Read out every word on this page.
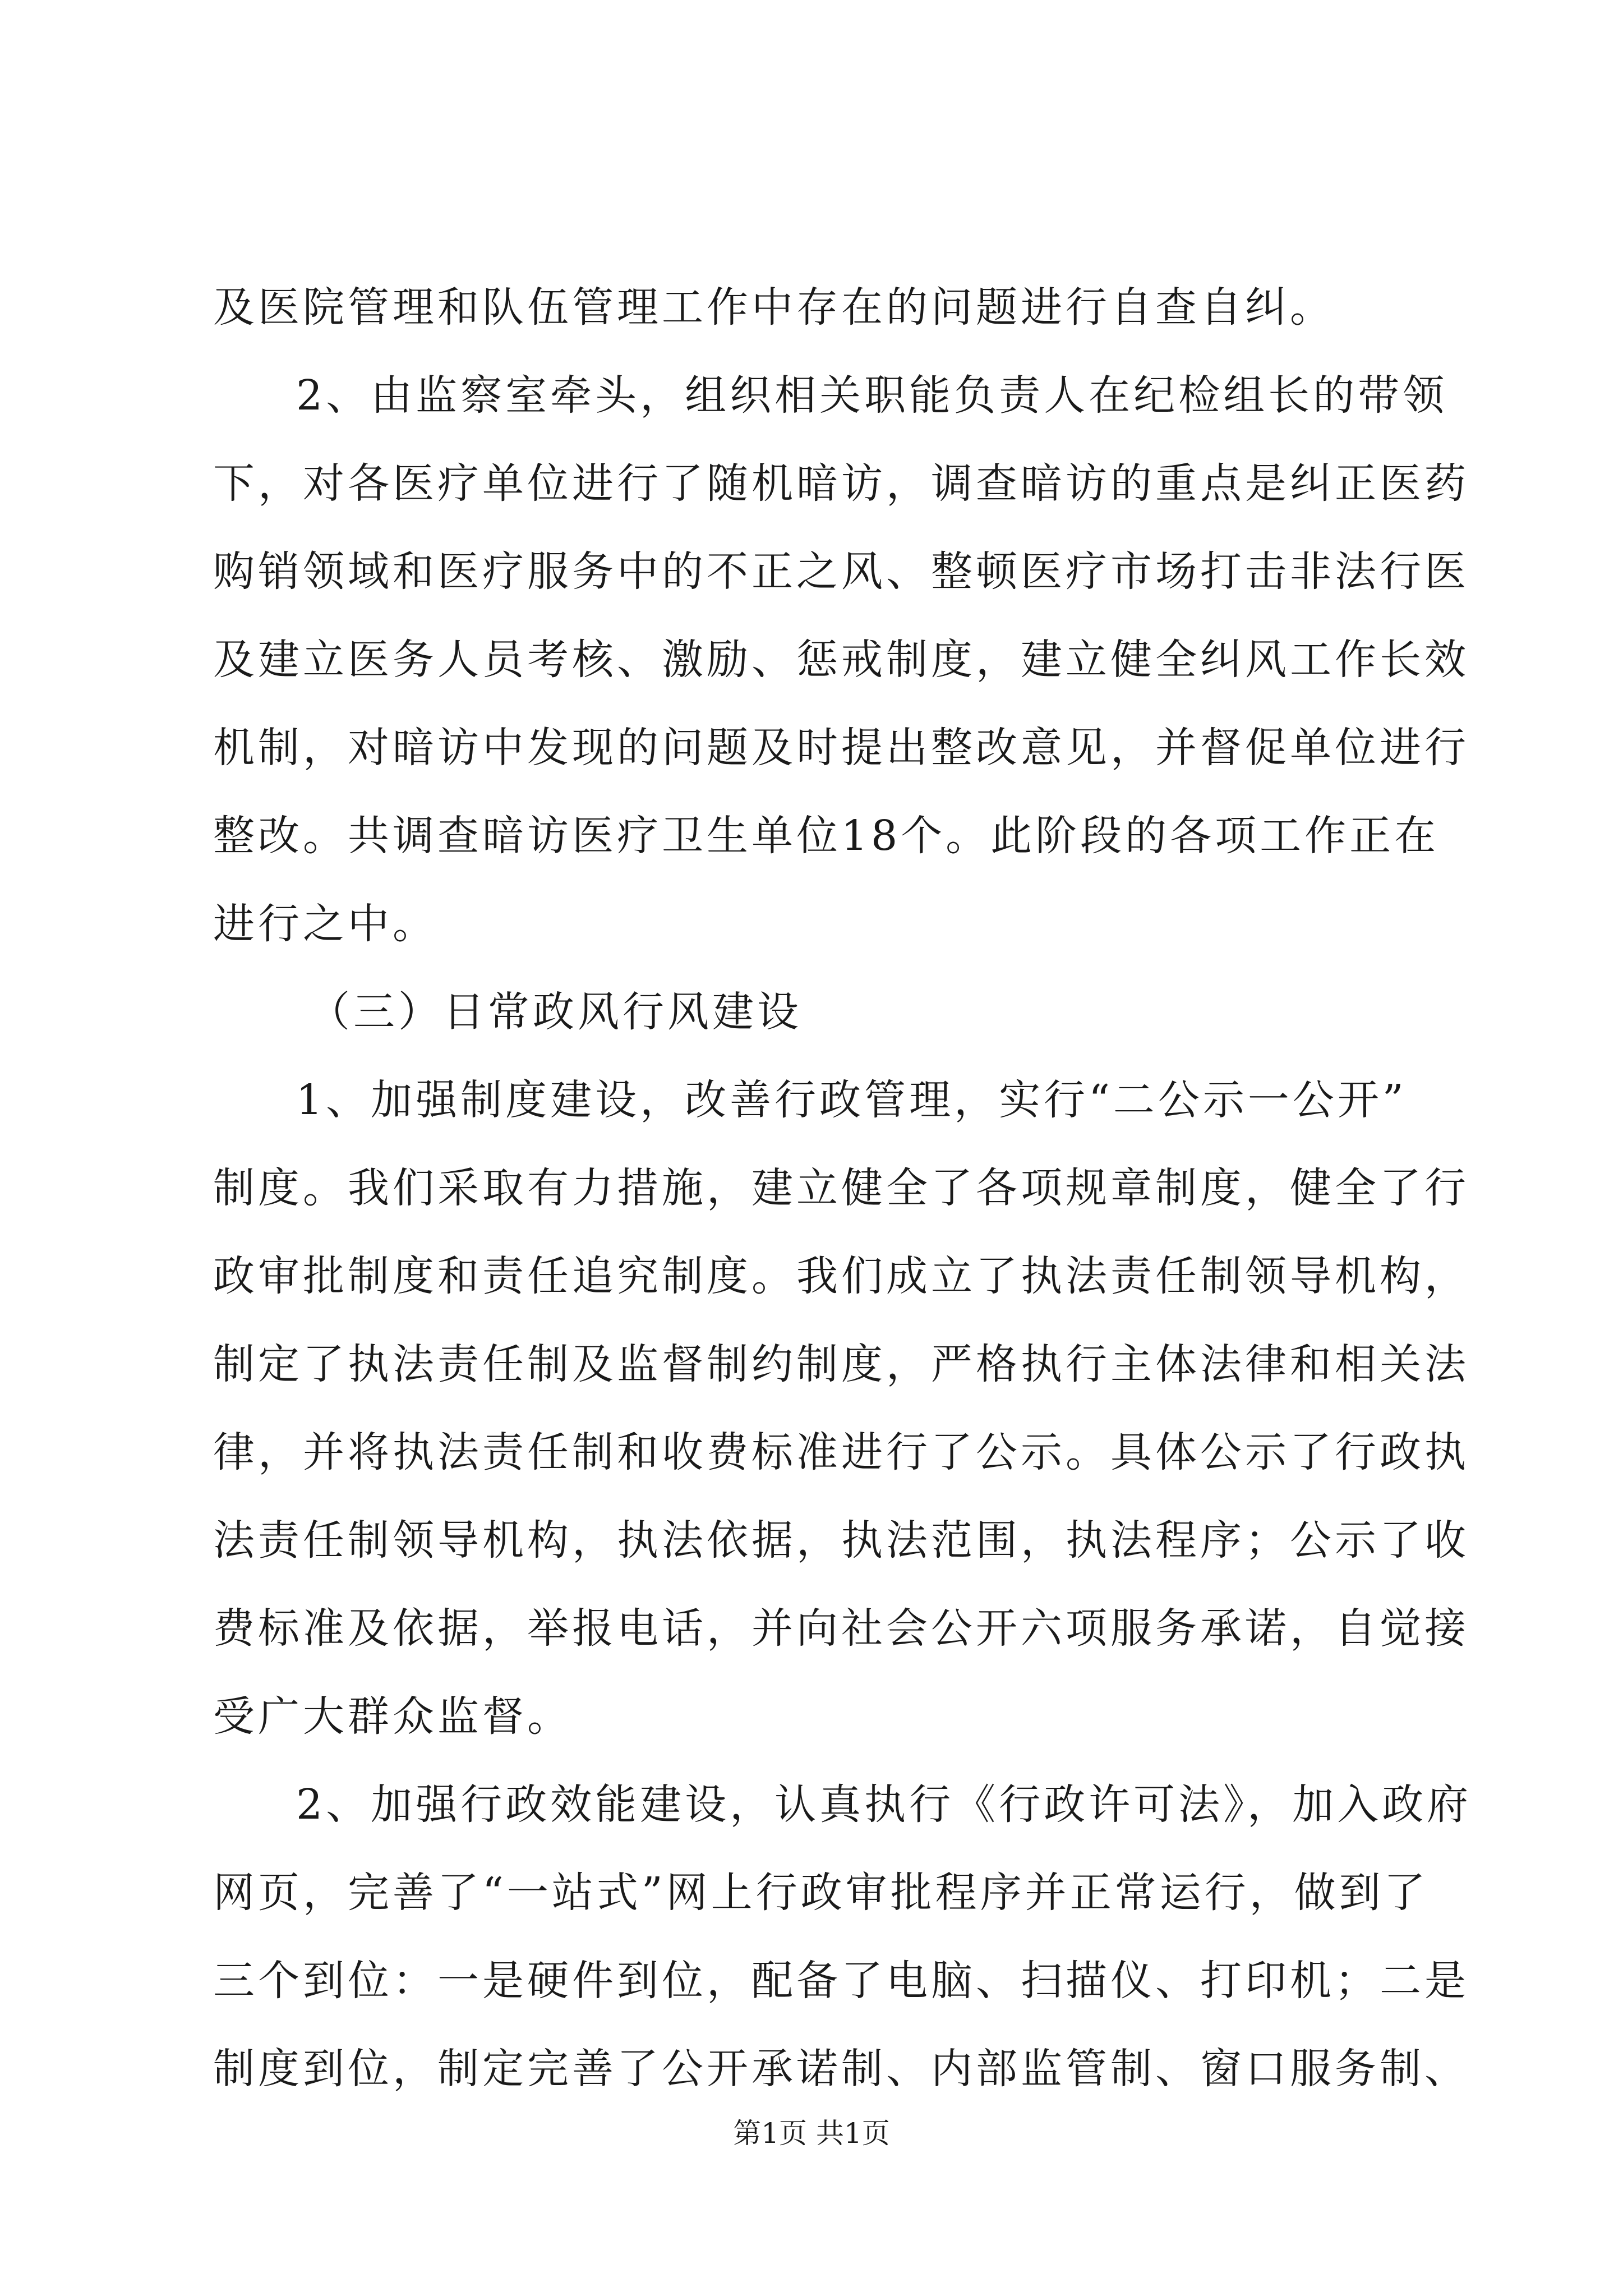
及医院管理和队伍管理工作中存在的问题进行自查自纠。
2、由监察室牵头，组织相关职能负责人在纪检组长的带领
下，对各医疗单位进行了随机暗访，调查暗访的重点是纠正医药
购销领域和医疗服务中的不正之风、整顿医疗市场打击非法行医
及建立医务人员考核、激励、惩戒制度，建立健全纠风工作长效
机制，对暗访中发现的问题及时提出整改意见，并督促单位进行
整改。共调查暗访医疗卫生单位18个。此阶段的各项工作正在
进行之中。
（三）日常政风行风建设
1、加强制度建设，改善行政管理，实行“二公示一公开”
制度。我们采取有力措施，建立健全了各项规章制度，健全了行
政审批制度和责任追究制度。我们成立了执法责任制领导机构，
制定了执法责任制及监督制约制度，严格执行主体法律和相关法
律，并将执法责任制和收费标准进行了公示。具体公示了行政执
法责任制领导机构，执法依据，执法范围，执法程序；公示了收
费标准及依据，举报电话，并向社会公开六项服务承诺，自觉接
受广大群众监督。
2、加强行政效能建设，认真执行《行政许可法》，加入政府
网页，完善了“一站式”网上行政审批程序并正常运行，做到了
三个到位：一是硬件到位，配备了电脑、扫描仪、打印机；二是
制度到位，制定完善了公开承诺制、内部监管制、窗口服务制、
第1页 共1页
